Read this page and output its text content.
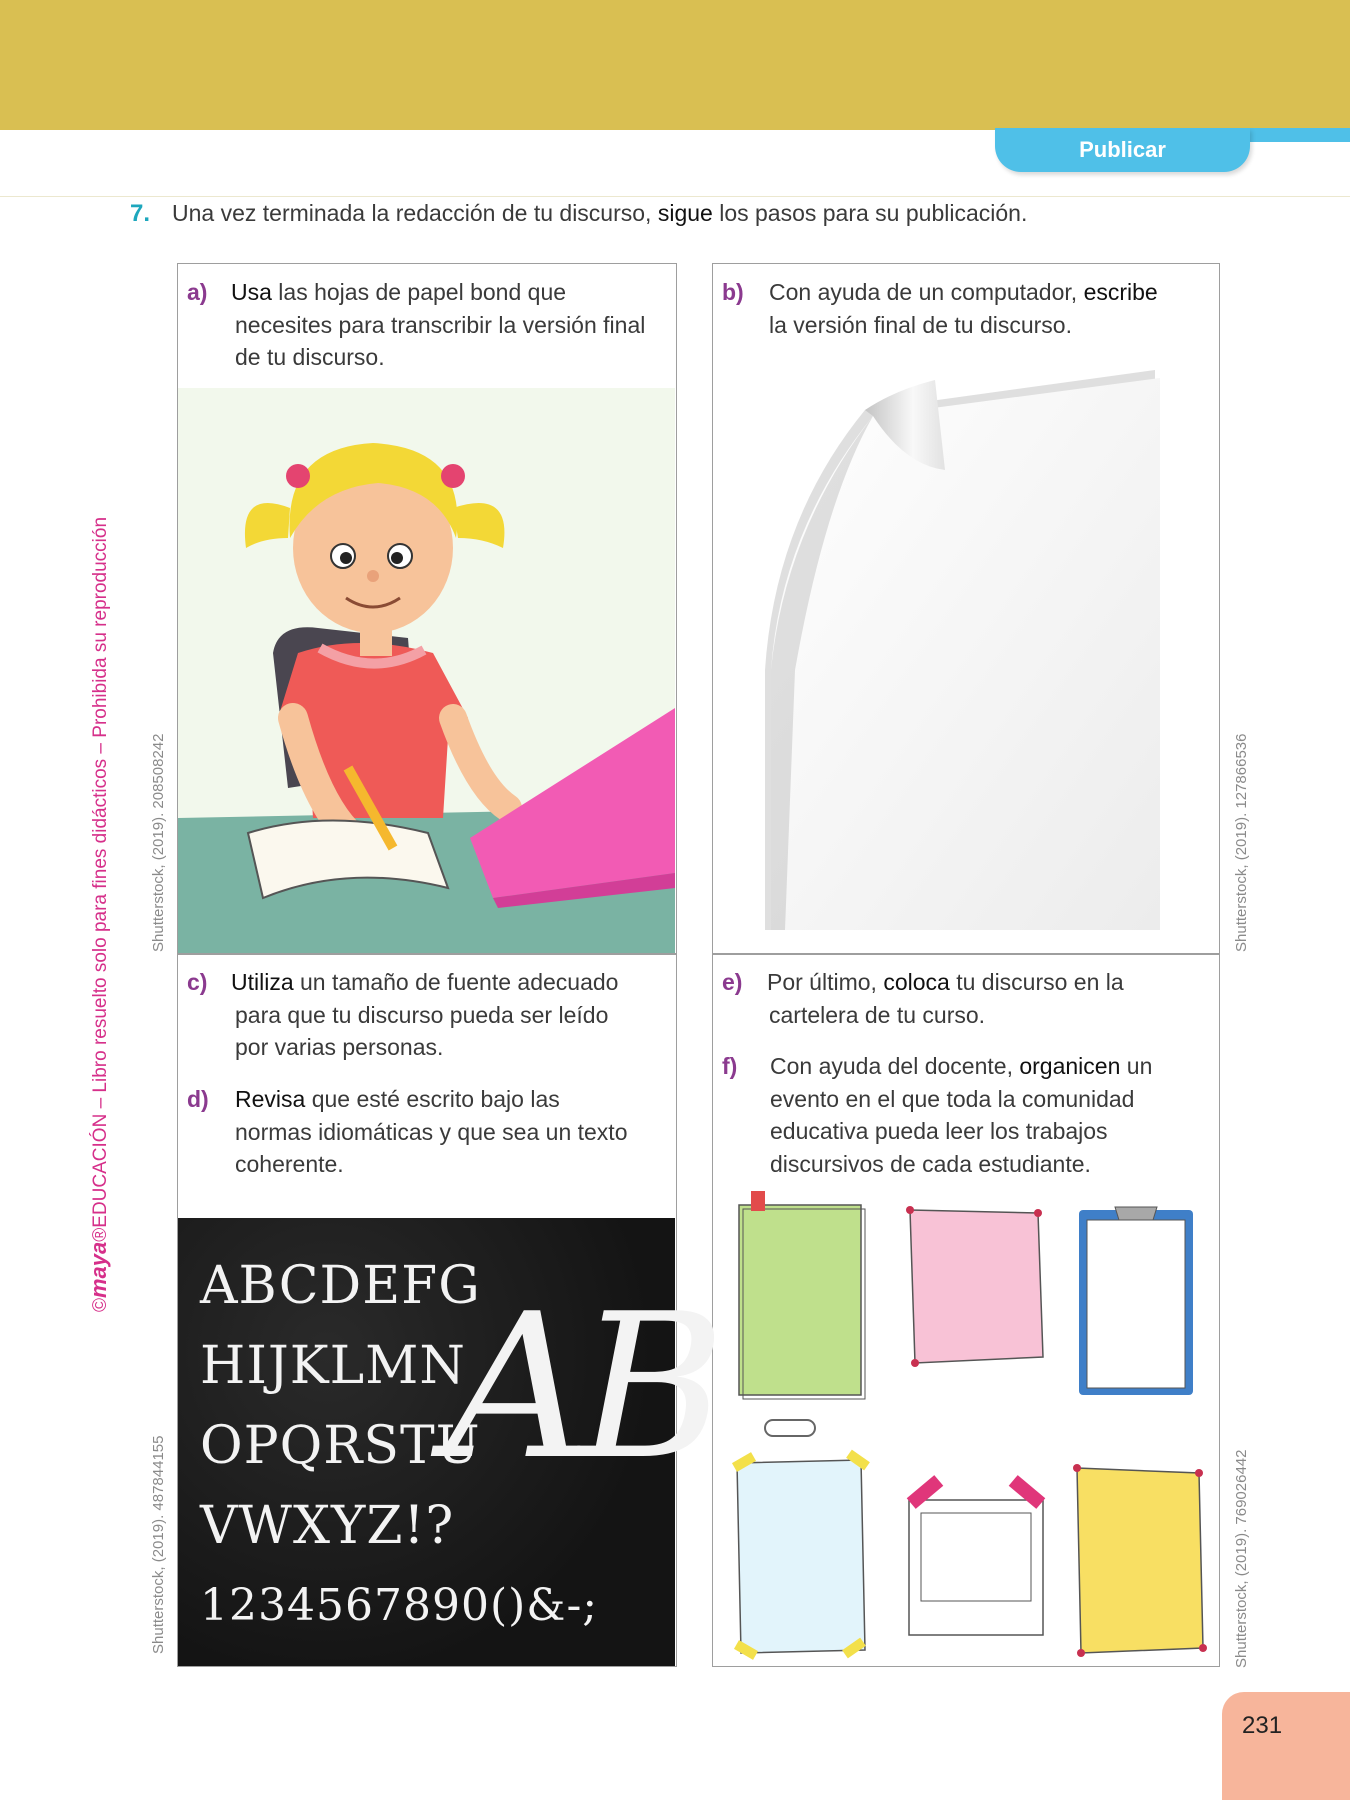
Publicar
7. Una vez terminada la redacción de tu discurso, sigue los pasos para su publicación.
a)	Usa las hojas de papel bond que
necesites para transcribir la versión final
de tu discurso.
b)	Con ayuda de un computador, escribe
la versión final de tu discurso.
c)	Utiliza un tamaño de fuente adecuado
para que tu discurso pueda ser leído
por varias personas.
d)	Revisa que esté escrito bajo las
normas idiomáticas y que sea un texto
coherente.
ABCDEFG
HIJKLMN
OPQRSTU
VWXYZ!?
1234567890()&-;
AB
e)	Por último, coloca tu discurso en la
cartelera de tu curso.
f)	Con ayuda del docente, organicen un
evento en el que toda la comunidad
educativa pueda leer los trabajos
discursivos de cada estudiante.
Shutterstock, (2019). 208508242	Shutterstock, (2019). 127866536
Shutterstock, (2019). 487844155	Shutterstock, (2019). 769026442
©maya®EDUCACIÓN – Libro resuelto solo para fines didácticos – Prohibida su reproducción
231
